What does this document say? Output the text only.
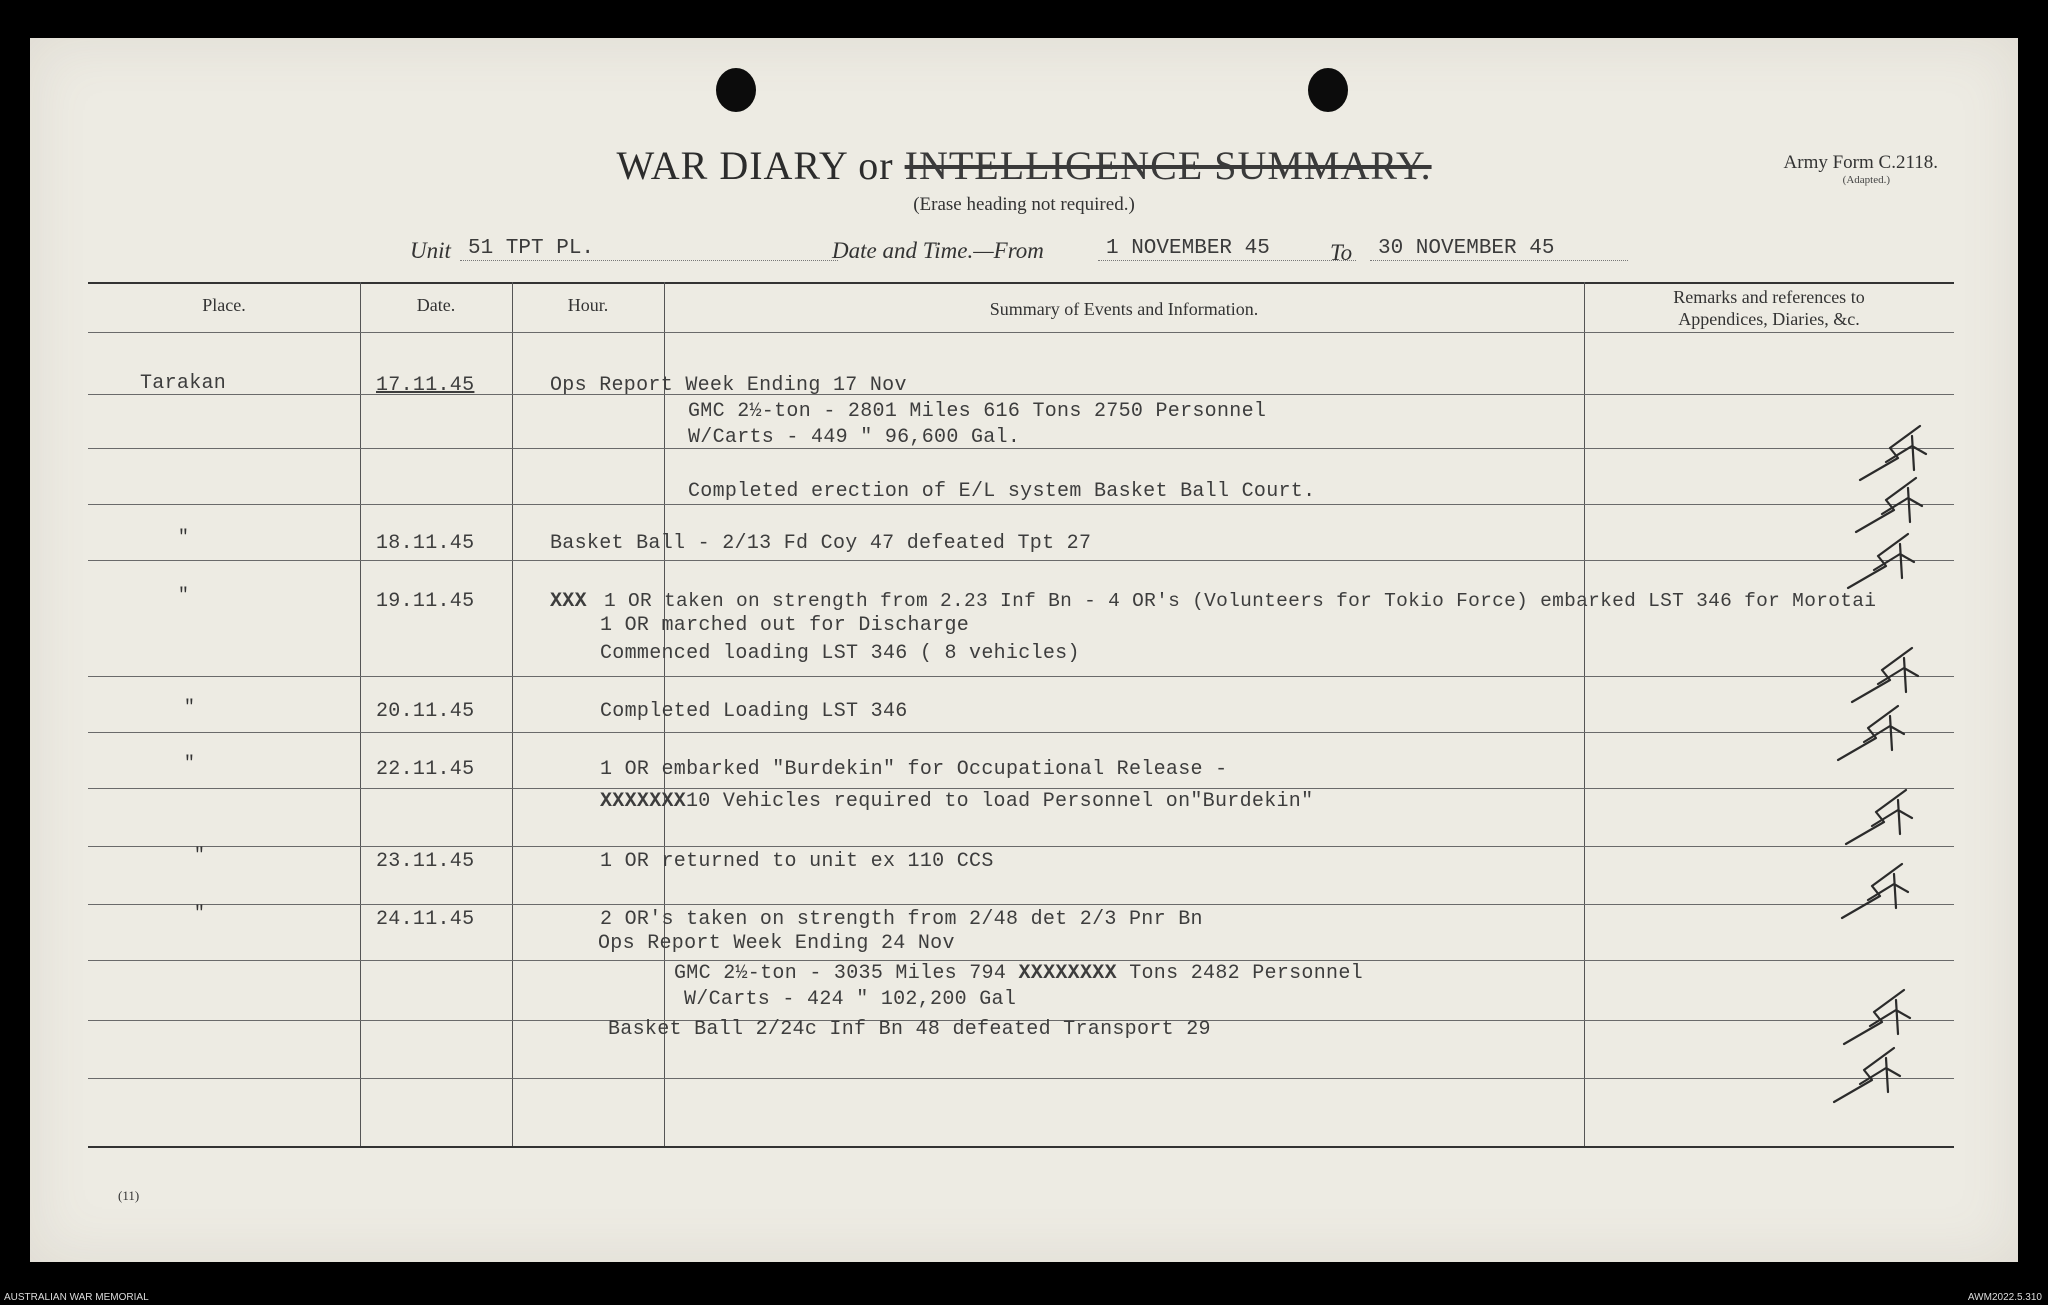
WAR DIARY or INTELLIGENCE SUMMARY.
(Erase heading not required.)
Army Form C.2118.
(Adapted.)
Unit 51 TPT PL.	Date and Time.—From	1 NOVEMBER 45	To	30 NOVEMBER 45
Place.	Date.	Hour.	Summary of Events and Information.
Remarks and references to
Appendices, Diaries, &c.
Tarakan	17.11.45	Ops Report Week Ending 17 Nov
GMC 2½-ton - 2801 Miles 616 Tons 2750 Personnel
W/Carts - 449 " 96,600 Gal.
Completed erection of E/L system Basket Ball Court.
"	18.11.45	Basket Ball - 2/13 Fd Coy 47 defeated Tpt 27
"	19.11.45	XXX 1 OR taken on strength from 2.23 Inf Bn - 4 OR's (Volunteers for Tokio Force) embarked LST 346 for Morotai
1 OR marched out for Discharge
Commenced loading LST 346 ( 8 vehicles)
"	20.11.45	Completed Loading LST 346
"	22.11.45	1 OR embarked "Burdekin" for Occupational Release -
XXXXXXX 10 Vehicles required to load Personnel on"Burdekin"
"	23.11.45	1 OR returned to unit ex 110 CCS
"	24.11.45	2 OR's taken on strength from 2/48 det 2/3 Pnr Bn
Ops Report Week Ending 24 Nov
GMC 2½-ton - 3035 Miles 794 XXXXXXXX Tons 2482 Personnel
W/Carts - 424 " 102,200 Gal
Basket Ball 2/24c Inf Bn 48 defeated Transport 29
(11)
AUSTRALIAN WAR MEMORIAL	AWM2022.5.310
